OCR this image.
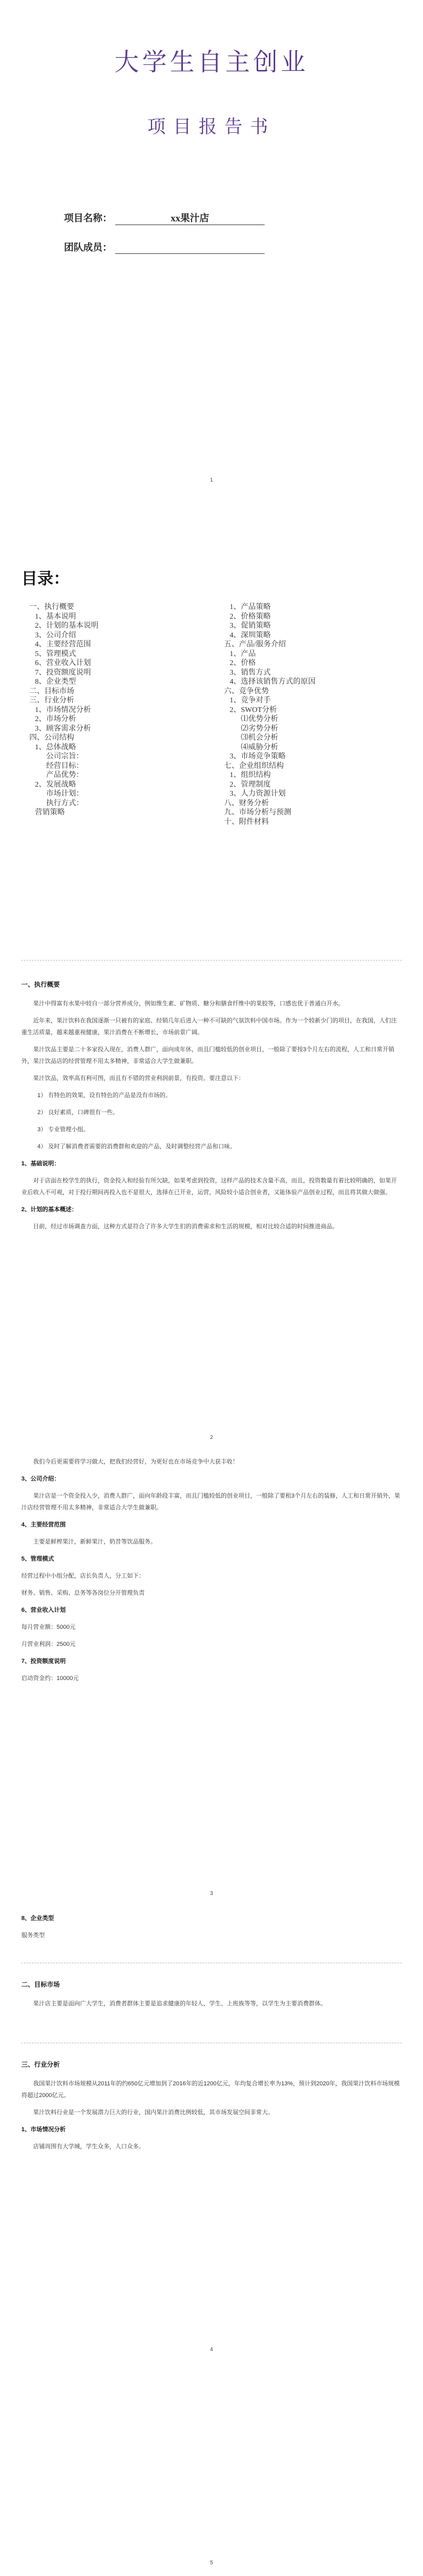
大学生自主创业
项目报告书
项目名称：	xx果汁店
团队成员：
1
目录：
一、执行概要
1、基本说明
2、计划的基本说明
3、公司介绍
4、主要经营范围
5、管理模式
6、营业收入计划
7、投资额度说明
8、企业类型
二、目标市场
三、行业分析
1、市场情况分析
2、市场分析
3、顾客需求分析
四、公司结构
1、总体战略
公司宗旨：
经营目标：
产品优势：
2、发展战略
市场计划：
执行方式：
营销策略
1、产品策略
2、价格策略
3、促销策略
4、深圳策略
五、产品/服务介绍
1、产品
2、价格
3、销售方式
4、选择该销售方式的原因
六、竞争优势
1、竞争对手
2、SWOT分析
⑴优势分析
⑵劣势分析
⑶机会分析
⑷威胁分析
3、市场竞争策略
七、企业组织结构
1、组织结构
2、管理制度
3、人力资源计划
八、财务分析
九、市场分析与预测
十、附件材料
一、执行概要

果汁中得富有水果中较自一部分营养成分，例如维生素、矿物质、糖分和膳食纤维中的果胶等，口感也优于普通白开水。

近年来，果汁饮料在我国逐渐一只被有的家庭、经销几年后进入一种不可缺的气氛饮料中国市场。作为一个较新少门的项目，在我国，人们注重生活质量，越来越重视健康，果汁消费在不断增长，市场前景广阔。

果汁饮品主要是二十多家投入现在，消费人群广，面向成年休，而且门槛较低的创业项目，一般除了要按3个月左右的流程，人工和日常开销外，果汁饮品店的经营管理不用太多精神，非常适合大学生做兼职。

果汁饮品，效率高有利可图，而且有不错的营业利润前景，有投资。要注意以下：

1） 有特色的效果，设有特色的产品是没有市场的。
2） 良好素质，口碑很有一些。
3） 专业管理小组。
4） 及时了解消费者需要的消费群和欢迎的产品，及时调整经营产品和口味。
1、基础说明：

对于店面在校学生的执行，资金投入和经验有所欠缺，如果考虑到投资，这样产品的技术含量不高，而且，投资数量有着比较明确的，如果开业后收入不可观，对于投行期间再投入也不是很大，选择在已开业，运营，风险较小适合创业者，又能体验产品创业过程，而且将其做大做强。

2、计划的基本概述：

目前，经过市场调查方面，这种方式是符合了许多大学生们的消费需求和生活的规模，相对比较合适的时间推进商品。

2

我们今后更需要将学习做大，把我们经营好，为更好也在市场竞争中大获丰收！

3、公司介绍：

果汁店是一个资金投入少，消费人群广，面向年龄段丰富，而且门槛较低的创业项目，一般除了要租3个月左右的装修，人工和日常开销外，果汁店经营管理不用太多精神，非常适合大学生做兼职。

4、主要经营范围

主要是鲜榨果汁，新鲜果汁，奶昔等饮品服务。

5、管理模式
经营过程中小组分配，店长负责人，分工如下：
财务、销售、采购、总务等各岗位分开管理负责
6、营业收入计划
每月营业额：5000元
月营业利润：2500元
7、投资额度说明
启动资金约：10000元
3
8、企业类型
服务类型
二、目标市场

果汁店主要是面向广大学生，消费者群体主要是追求健康的年轻人，学生、上班族等等，以学生为主要消费群体。

三、行业分析

我国果汁饮料市场规模从2011年的约650亿元增加到了2016年的近1200亿元，年均复合增长率为13%，预计到2020年，我国果汁饮料市场规模将超过2000亿元。

果汁饮料行业是一个发展潜力巨大的行业，国内果汁消费比例较低，其市场发展空间非常大。

1、市场情况分析

店铺周围有大学城，学生众多，人口众多。

4
5
